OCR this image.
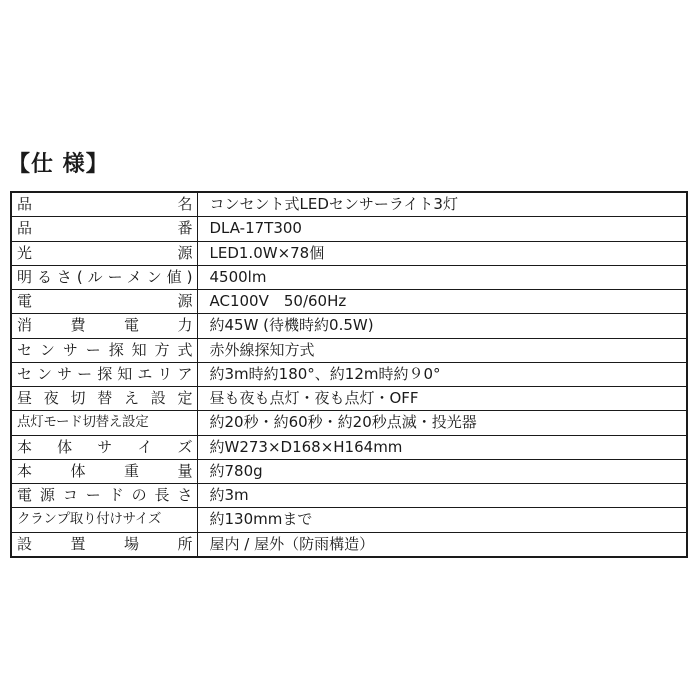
【仕 様】
品　　　　　　名	コンセント式LEDセンサーライト3灯
品　　　　　　番	DLA-17T300
光　　　　　　源	LED1.0W×78個
明るさ(ルーメン値)	4500lm
電　　　　　　源	AC100V　50/60Hz
消　費　電　力	約45W (待機時約0.5W)
センサー探知方式	赤外線探知方式
センサー探知エリア	約3m時約180°、約12m時約９0°
昼夜切替え設定	昼も夜も点灯・夜も点灯・OFF
点灯モード切替え設定	約20秒・約60秒・約20秒点滅・投光器
本　体　サ　イ　ズ	約W273×D168×H164mm
本　体　重　量	約780g
電源コードの長さ	約3m
クランプ取り付けサイズ	約130mmまで
設　置　場　所	屋内 / 屋外（防雨構造）
